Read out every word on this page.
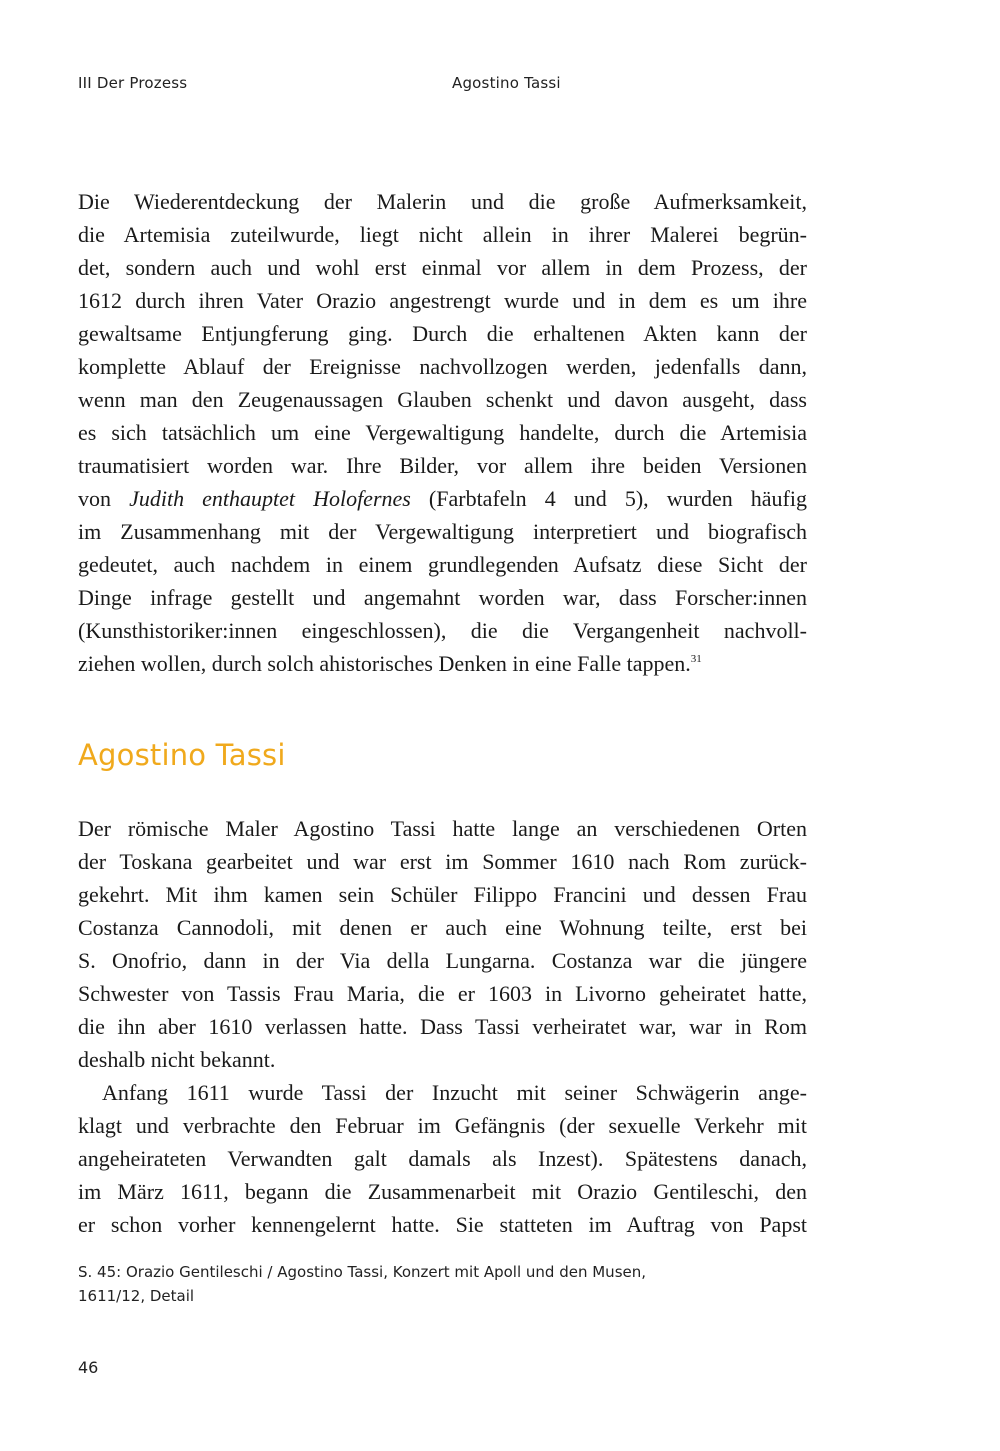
III Der Prozess	Agostino Tassi
Die Wiederentdeckung der Malerin und die große Aufmerksamkeit,
die Artemisia zuteilwurde, liegt nicht allein in ihrer Malerei begrün-
det, sondern auch und wohl erst einmal vor allem in dem Prozess, der
1612 durch ihren Vater Orazio angestrengt wurde und in dem es um ihre
gewaltsame Entjungferung ging. Durch die erhaltenen Akten kann der
komplette Ablauf der Ereignisse nachvollzogen werden, jedenfalls dann,
wenn man den Zeugenaussagen Glauben schenkt und davon ausgeht, dass
es sich tatsächlich um eine Vergewaltigung handelte, durch die Artemisia
traumatisiert worden war. Ihre Bilder, vor allem ihre beiden Versionen
von Judith enthauptet Holofernes (Farbtafeln 4 und 5), wurden häufig
im Zusammenhang mit der Vergewaltigung interpretiert und biografisch
gedeutet, auch nachdem in einem grundlegenden Aufsatz diese Sicht der
Dinge infrage gestellt und angemahnt worden war, dass Forscher:innen
(Kunsthistoriker:innen eingeschlossen), die die Vergangenheit nachvoll-
ziehen wollen, durch solch ahistorisches Denken in eine Falle tappen.$^{31}$
Agostino Tassi
Der römische Maler Agostino Tassi hatte lange an verschiedenen Orten
der Toskana gearbeitet und war erst im Sommer 1610 nach Rom zurück-
gekehrt. Mit ihm kamen sein Schüler Filippo Francini und dessen Frau
Costanza Cannodoli, mit denen er auch eine Wohnung teilte, erst bei
S. Onofrio, dann in der Via della Lungarna. Costanza war die jüngere
Schwester von Tassis Frau Maria, die er 1603 in Livorno geheiratet hatte,
die ihn aber 1610 verlassen hatte. Dass Tassi verheiratet war, war in Rom
deshalb nicht bekannt.
Anfang 1611 wurde Tassi der Inzucht mit seiner Schwägerin ange-
klagt und verbrachte den Februar im Gefängnis (der sexuelle Verkehr mit
angeheirateten Verwandten galt damals als Inzest). Spätestens danach,
im März 1611, begann die Zusammenarbeit mit Orazio Gentileschi, den
er schon vorher kennengelernt hatte. Sie statteten im Auftrag von Papst
S. 45: Orazio Gentileschi / Agostino Tassi, Konzert mit Apoll und den Musen,
1611/12, Detail
46
